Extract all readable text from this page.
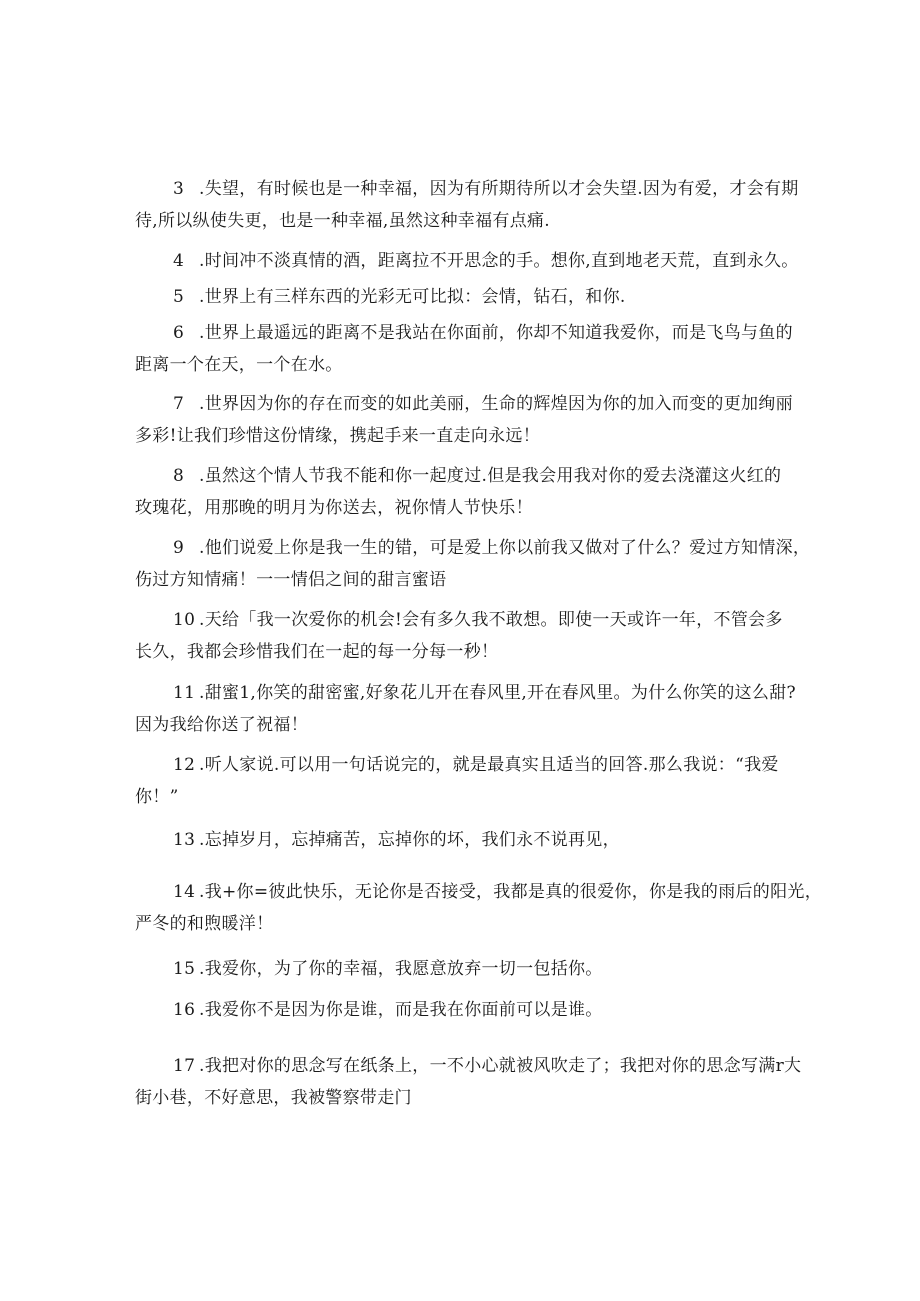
3 .失望，有时候也是一种幸福，因为有所期待所以才会失望.因为有爱，才会有期
待,所以纵使失更，也是一种幸福,虽然这种幸福有点痛.
4 .时间冲不淡真情的酒，距离拉不开思念的手。想你,直到地老天荒，直到永久。
5 .世界上有三样东西的光彩无可比拟：会情，钻石，和你.
6 .世界上最遥远的距离不是我站在你面前，你却不知道我爱你，而是飞鸟与鱼的
距离一个在天，一个在水。
7 .世界因为你的存在而变的如此美丽，生命的辉煌因为你的加入而变的更加绚丽
多彩!让我们珍惜这份情缘，携起手来一直走向永远！
8 .虽然这个情人节我不能和你一起度过.但是我会用我对你的爱去浇灌这火红的
玫瑰花，用那晚的明月为你送去，祝你情人节快乐！
9 .他们说爱上你是我一生的错，可是爱上你以前我又做对了什么？爱过方知情深，
伤过方知情痛！一一情侣之间的甜言蜜语
10 .天给「我一次爱你的机会!会有多久我不敢想。即使一天或许一年，不管会多
长久，我都会珍惜我们在一起的每一分每一秒！
11 .甜蜜1,你笑的甜密蜜,好象花儿开在春风里,开在春风里。为什么你笑的这么甜?
因为我给你送了祝福！
12 .听人家说.可以用一句话说完的，就是最真实且适当的回答.那么我说：“我爱
你！”
13 .忘掉岁月，忘掉痛苦，忘掉你的坏，我们永不说再见，
14 .我+你=彼此快乐，无论你是否接受，我都是真的很爱你，你是我的雨后的阳光，
严冬的和煦暖洋！
15 .我爱你，为了你的幸福，我愿意放弃一切一包括你。
16 .我爱你不是因为你是谁，而是我在你面前可以是谁。
17 .我把对你的思念写在纸条上，一不小心就被风吹走了；我把对你的思念写满r大
街小巷，不好意思，我被警察带走门
